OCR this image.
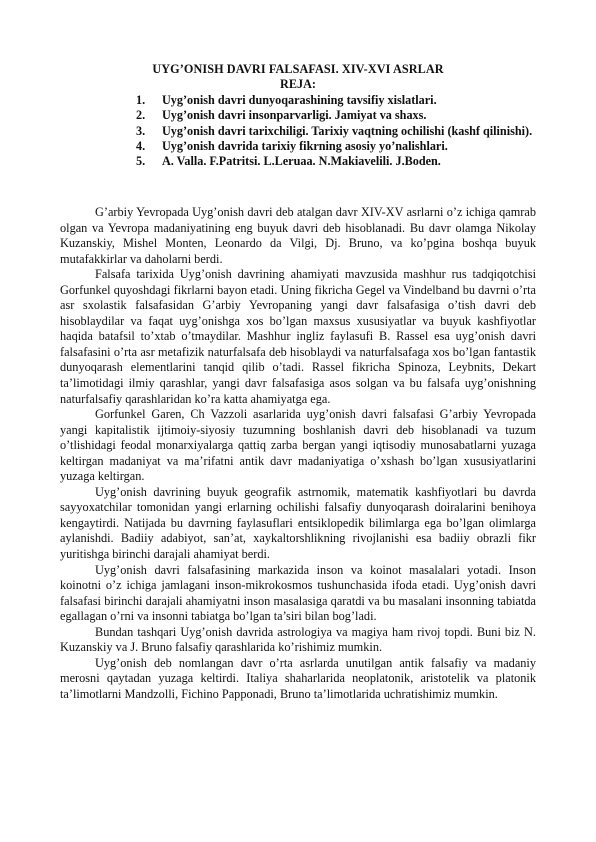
UYG’ONISH DAVRI FALSAFASI. XIV-XVI ASRLAR
REJA:
1. Uyg’onish davri dunyoqarashining tavsifiy xislatlari.
2. Uyg’onish davri insonparvarligi. Jamiyat va shaxs.
3. Uyg’onish davri tarixchiligi. Tarixiy vaqtning ochilishi (kashf qilinishi).
4. Uyg’onish davrida tarixiy fikrning asosiy yo’nalishlari.
5. A. Valla. F.Patritsi. L.Leruaa. N.Makiavelili. J.Boden.

G’arbiy Yevropada Uyg’onish davri deb atalgan davr XIV-XV asrlarni o’z ichiga qamrab olgan va Yevropa madaniyatining eng buyuk davri deb hisoblanadi. Bu davr olamga Nikolay Kuzanskiy, Mishel Monten, Leonardo da Vilgi, Dj. Bruno, va ko’pgina boshqa buyuk mutafakkirlar va daholarni berdi.

Falsafa tarixida Uyg’onish davrining ahamiyati mavzusida mashhur rus tadqiqotchisi Gorfunkel quyoshdagi fikrlarni bayon etadi. Uning fikricha Gegel va Vindelband bu davrni o’rta asr sxolastik falsafasidan G’arbiy Yevropaning yangi davr falsafasiga o’tish davri deb hisoblaydilar va faqat uyg’onishga xos bo’lgan maxsus xususiyatlar va buyuk kashfiyotlar haqida batafsil to’xtab o’tmaydilar. Mashhur ingliz faylasufi B. Rassel esa uyg’onish davri falsafasini o’rta asr metafizik naturfalsafa deb hisoblaydi va naturfalsafaga xos bo’lgan fantastik dunyoqarash elementlarini tanqid qilib o’tadi. Rassel fikricha Spinoza, Leybnits, Dekart ta’limotidagi ilmiy qarashlar, yangi davr falsafasiga asos solgan va bu falsafa uyg’onishning naturfalsafiy qarashlaridan ko’ra katta ahamiyatga ega.

Gorfunkel Garen, Ch Vazzoli asarlarida uyg’onish davri falsafasi G’arbiy Yevropada yangi kapitalistik ijtimoiy-siyosiy tuzumning boshlanish davri deb hisoblanadi va tuzum o’tlishidagi feodal monarxiyalarga qattiq zarba bergan yangi iqtisodiy munosabatlarni yuzaga keltirgan madaniyat va ma’rifatni antik davr madaniyatiga o’xshash bo’lgan xususiyatlarini yuzaga keltirgan.

Uyg’onish davrining buyuk geografik astrnomik, matematik kashfiyotlari bu davrda sayyoxatchilar tomonidan yangi erlarning ochilishi falsafiy dunyoqarash doiralarini benihoya kengaytirdi. Natijada bu davrning faylasuflari entsiklopedik bilimlarga ega bo’lgan olimlarga aylanishdi. Badiiy adabiyot, san’at, xaykaltorshlikning rivojlanishi esa badiiy obrazli fikr yuritishga birinchi darajali ahamiyat berdi.

Uyg’onish davri falsafasining markazida inson va koinot masalalari yotadi. Inson koinotni o’z ichiga jamlagani inson-mikrokosmos tushunchasida ifoda etadi. Uyg’onish davri falsafasi birinchi darajali ahamiyatni inson masalasiga qaratdi va bu masalani insonning tabiatda egallagan o’rni va insonni tabiatga bo’lgan ta’siri bilan bog’ladi.

Bundan tashqari Uyg’onish davrida astrologiya va magiya ham rivoj topdi. Buni biz N. Kuzanskiy va J. Bruno falsafiy qarashlarida ko’rishimiz mumkin.

Uyg’onish deb nomlangan davr o’rta asrlarda unutilgan antik falsafiy va madaniy merosni qaytadan yuzaga keltirdi. Italiya shaharlarida neoplatonik, aristotelik va platonik ta’limotlarni Mandzolli, Fichino Papponadi, Bruno ta’limotlarida uchratishimiz mumkin.
